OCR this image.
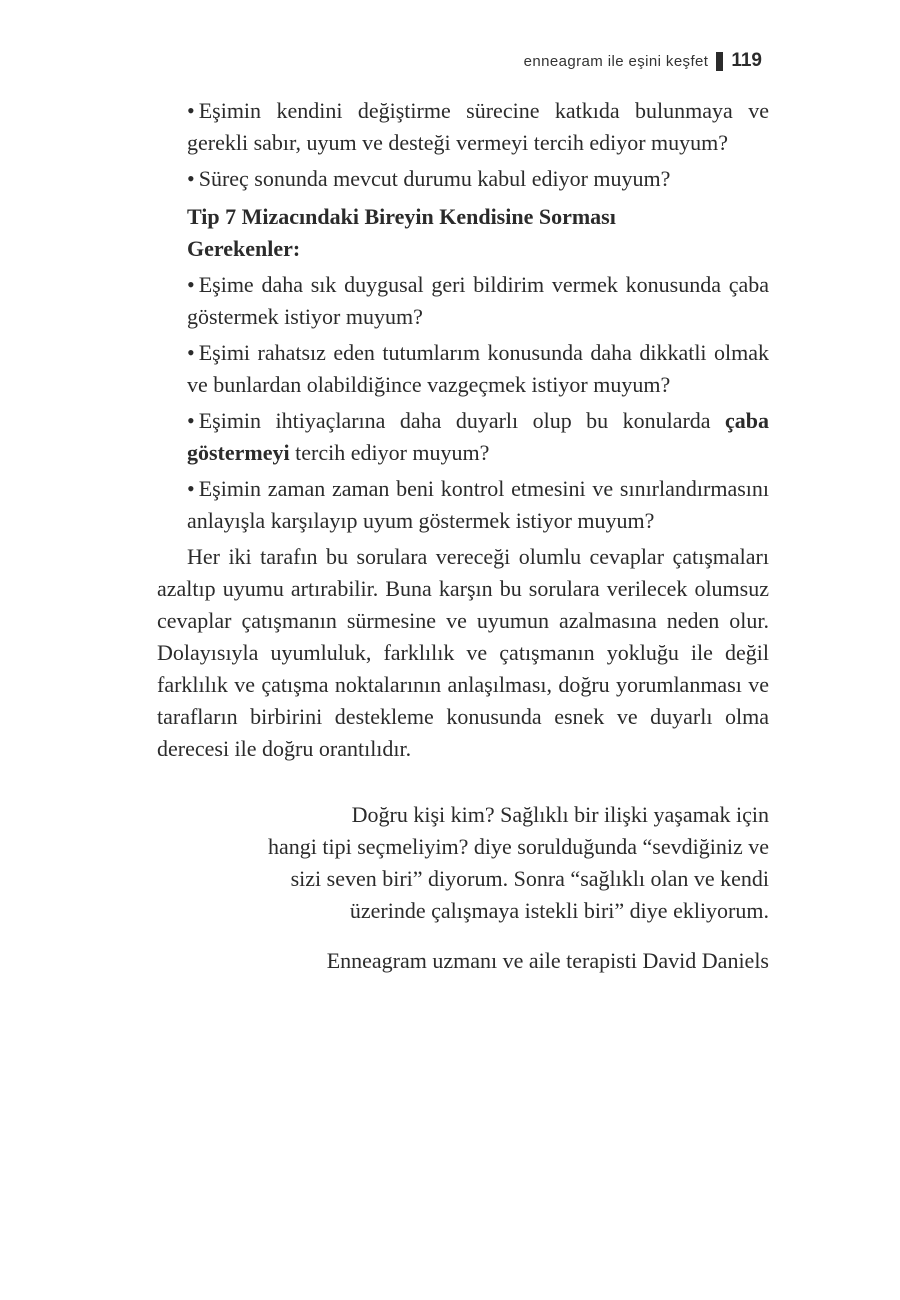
enneagram ile eşini keşfet 119
• Eşimin kendini değiştirme sürecine katkıda bulunmaya ve gerekli sabır, uyum ve desteği vermeyi tercih ediyor muyum?
• Süreç sonunda mevcut durumu kabul ediyor muyum?
Tip 7 Mizacındaki Bireyin Kendisine Sorması
Gerekenler:
• Eşime daha sık duygusal geri bildirim vermek konusunda çaba göstermek istiyor muyum?
• Eşimi rahatsız eden tutumlarım konusunda daha dikkatli olmak ve bunlardan olabildiğince vazgeçmek istiyor muyum?
• Eşimin ihtiyaçlarına daha duyarlı olup bu konularda çaba göstermeyi tercih ediyor muyum?
• Eşimin zaman zaman beni kontrol etmesini ve sınırlandırmasını anlayışla karşılayıp uyum göstermek istiyor muyum?

Her iki tarafın bu sorulara vereceği olumlu cevaplar çatışmaları azaltıp uyumu artırabilir. Buna karşın bu sorulara verilecek olumsuz cevaplar çatışmanın sürmesine ve uyumun azalmasına neden olur. Dolayısıyla uyumluluk, farklılık ve çatışmanın yokluğu ile değil farklılık ve çatışma noktalarının anlaşılması, doğru yorumlanması ve tarafların birbirini destekleme konusunda esnek ve duyarlı olma derecesi ile doğru orantılıdır.

Doğru kişi kim? Sağlıklı bir ilişki yaşamak için
hangi tipi seçmeliyim? diye sorulduğunda “sevdiğiniz ve
sizi seven biri” diyorum. Sonra “sağlıklı olan ve kendi
üzerinde çalışmaya istekli biri” diye ekliyorum.
Enneagram uzmanı ve aile terapisti David Daniels
